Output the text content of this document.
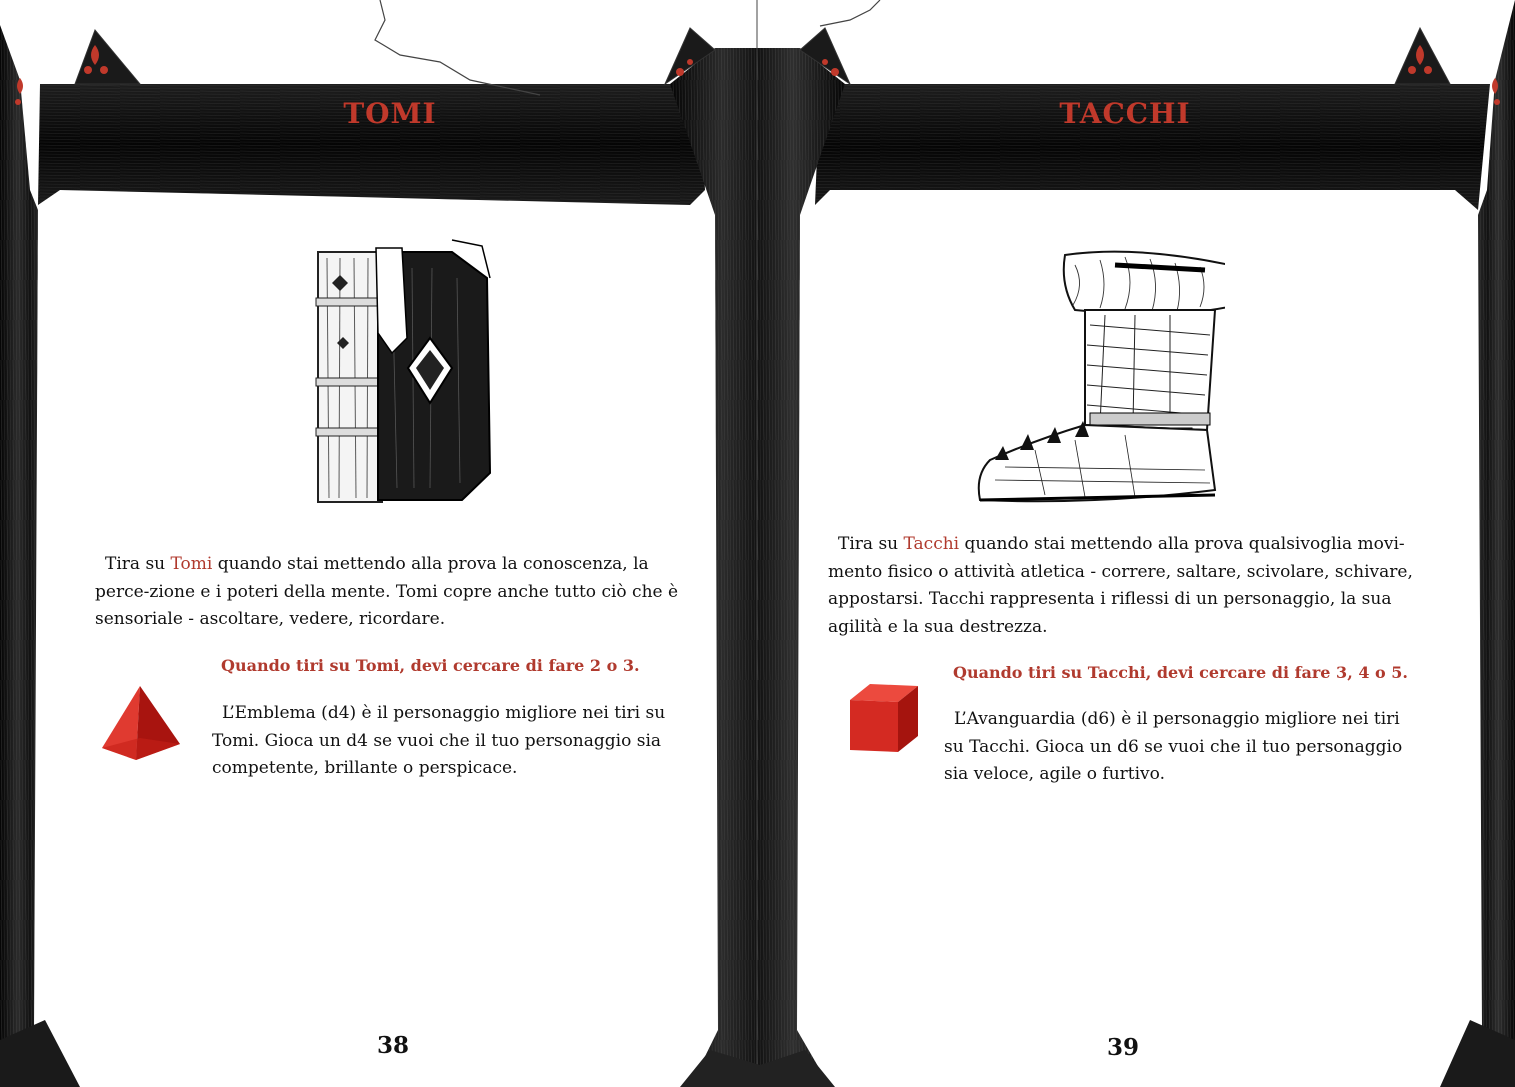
TOMI	TACCHI

Tira su Tomi quando stai mettendo alla prova la conoscenza, la perce-zione e i poteri della mente. Tomi copre anche tutto ciò che è sensoriale - ascoltare, vedere, ricordare.

Quando tiri su Tomi, devi cercare di fare 2 o 3.

L’Emblema (d4) è il personaggio migliore nei tiri su Tomi. Gioca un d4 se vuoi che il tuo personaggio sia competente, brillante o perspicace.

Tira su Tacchi quando stai mettendo alla prova qualsivoglia movi-mento fisico o attività atletica - correre, saltare, scivolare, schivare, appostarsi. Tacchi rappresenta i riflessi di un personaggio, la sua agilità e la sua destrezza.

Quando tiri su Tacchi, devi cercare di fare 3, 4 o 5.

L’Avanguardia (d6) è il personaggio migliore nei tiri su Tacchi. Gioca un d6 se vuoi che il tuo personaggio sia veloce, agile o furtivo.

38	39
